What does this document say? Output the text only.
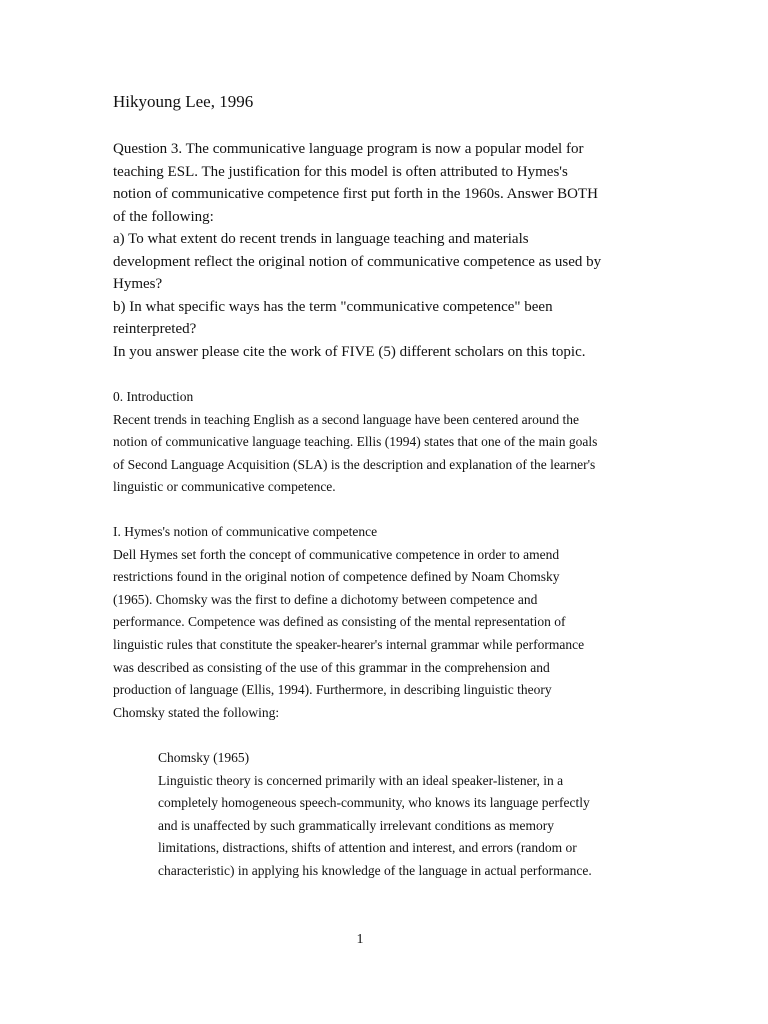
Hikyoung Lee, 1996
Question 3. The communicative language program is now a popular model for
teaching ESL. The justification for this model is often attributed to Hymes's
notion of communicative competence first put forth in the 1960s. Answer BOTH
of the following:
a) To what extent do recent trends in language teaching and materials
development reflect the original notion of communicative competence as used by
Hymes?
b) In what specific ways has the term "communicative competence" been
reinterpreted?
In you answer please cite the work of FIVE (5) different scholars on this topic.
0. Introduction
Recent trends in teaching English as a second language have been centered around the
notion of communicative language teaching. Ellis (1994) states that one of the main goals
of Second Language Acquisition (SLA) is the description and explanation of the learner's
linguistic or communicative competence.
I. Hymes's notion of communicative competence
Dell Hymes set forth the concept of communicative competence in order to amend
restrictions found in the original notion of competence defined by Noam Chomsky
(1965). Chomsky was the first to define a dichotomy between competence and
performance. Competence was defined as consisting of the mental representation of
linguistic rules that constitute the speaker-hearer's internal grammar while performance
was described as consisting of the use of this grammar in the comprehension and
production of language (Ellis, 1994). Furthermore, in describing linguistic theory
Chomsky stated the following:
Chomsky (1965)
Linguistic theory is concerned primarily with an ideal speaker-listener, in a
completely homogeneous speech-community, who knows its language perfectly
and is unaffected by such grammatically irrelevant conditions as memory
limitations, distractions, shifts of attention and interest, and errors (random or
characteristic) in applying his knowledge of the language in actual performance.
1
